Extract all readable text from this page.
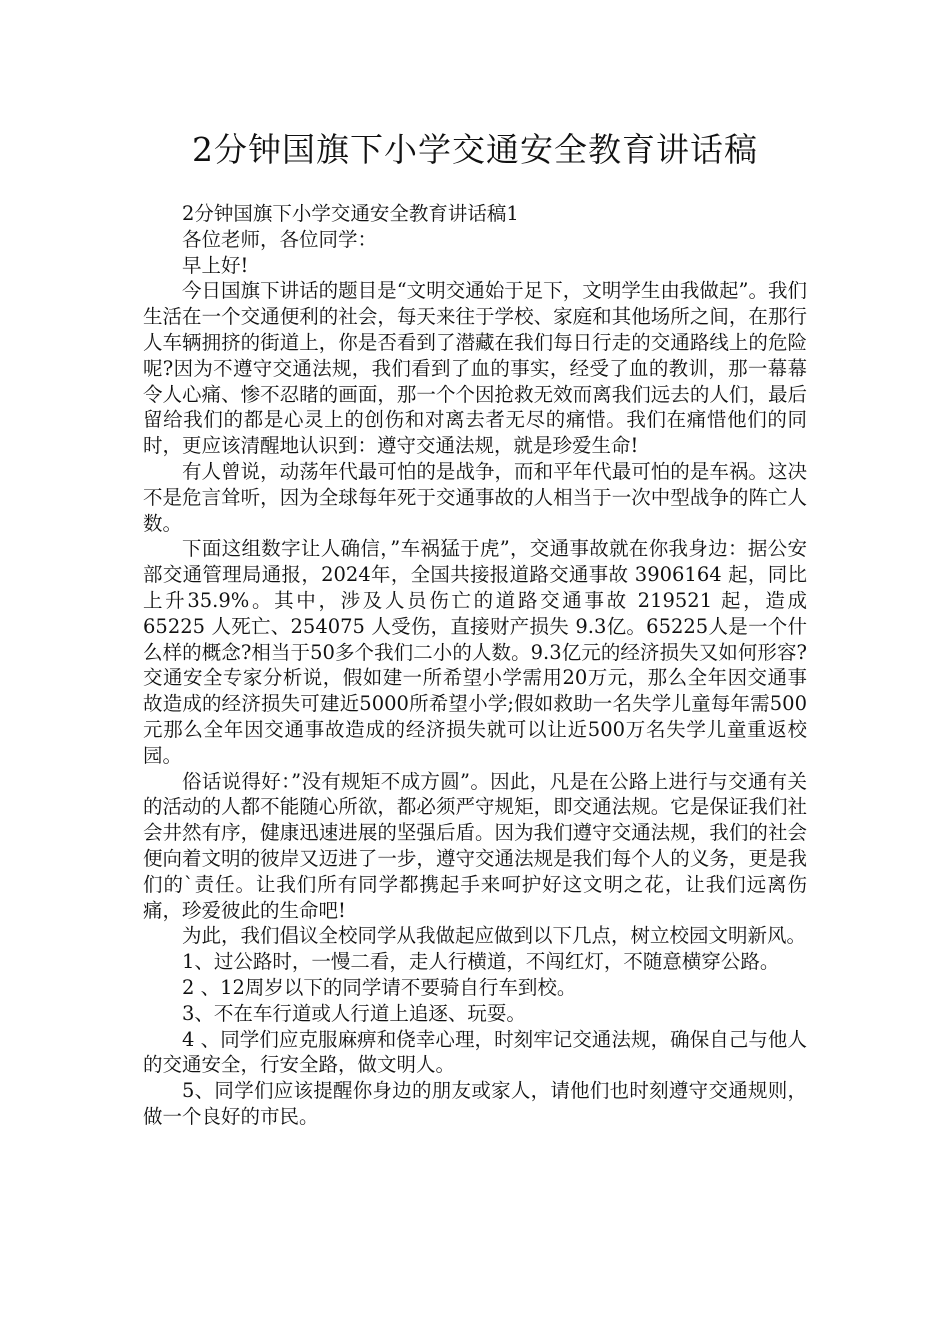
2分钟国旗下小学交通安全教育讲话稿

2分钟国旗下小学交通安全教育讲话稿1

各位老师，各位同学：

早上好!

今日国旗下讲话的题目是“文明交通始于足下，文明学生由我做起”。我们生活在一个交通便利的社会，每天来往于学校、家庭和其他场所之间，在那行人车辆拥挤的街道上，你是否看到了潜藏在我们每日行走的交通路线上的危险呢?因为不遵守交通法规，我们看到了血的事实，经受了血的教训，那一幕幕令人心痛、惨不忍睹的画面，那一个个因抢救无效而离我们远去的人们，最后留给我们的都是心灵上的创伤和对离去者无尽的痛惜。我们在痛惜他们的同时，更应该清醒地认识到：遵守交通法规，就是珍爱生命!

有人曾说，动荡年代最可怕的是战争，而和平年代最可怕的是车祸。这决不是危言耸听，因为全球每年死于交通事故的人相当于一次中型战争的阵亡人数。

下面这组数字让人确信，”车祸猛于虎”，交通事故就在你我身边：据公安部交通管理局通报，2024年，全国共接报道路交通事故 3906164 起，同比上升35.9%。其中，涉及人员伤亡的道路交通事故 219521 起，造成 65225 人死亡、254075 人受伤，直接财产损失 9.3亿。65225人是一个什么样的概念?相当于50多个我们二小的人数。9.3亿元的经济损失又如何形容?交通安全专家分析说，假如建一所希望小学需用20万元，那么全年因交通事故造成的经济损失可建近5000所希望小学;假如救助一名失学儿童每年需500元那么全年因交通事故造成的经济损失就可以让近500万名失学儿童重返校园。

俗话说得好：”没有规矩不成方圆”。因此，凡是在公路上进行与交通有关的活动的人都不能随心所欲，都必须严守规矩，即交通法规。它是保证我们社会井然有序，健康迅速进展的坚强后盾。因为我们遵守交通法规，我们的社会便向着文明的彼岸又迈进了一步，遵守交通法规是我们每个人的义务，更是我们的`责任。让我们所有同学都携起手来呵护好这文明之花，让我们远离伤痛，珍爱彼此的生命吧!

为此，我们倡议全校同学从我做起应做到以下几点，树立校园文明新风。

1、过公路时，一慢二看，走人行横道，不闯红灯，不随意横穿公路。

2 、12周岁以下的同学请不要骑自行车到校。

3、不在车行道或人行道上追逐、玩耍。

4 、同学们应克服麻痹和侥幸心理，时刻牢记交通法规，确保自己与他人的交通安全，行安全路，做文明人。

5、同学们应该提醒你身边的朋友或家人，请他们也时刻遵守交通规则，做一个良好的市民。
